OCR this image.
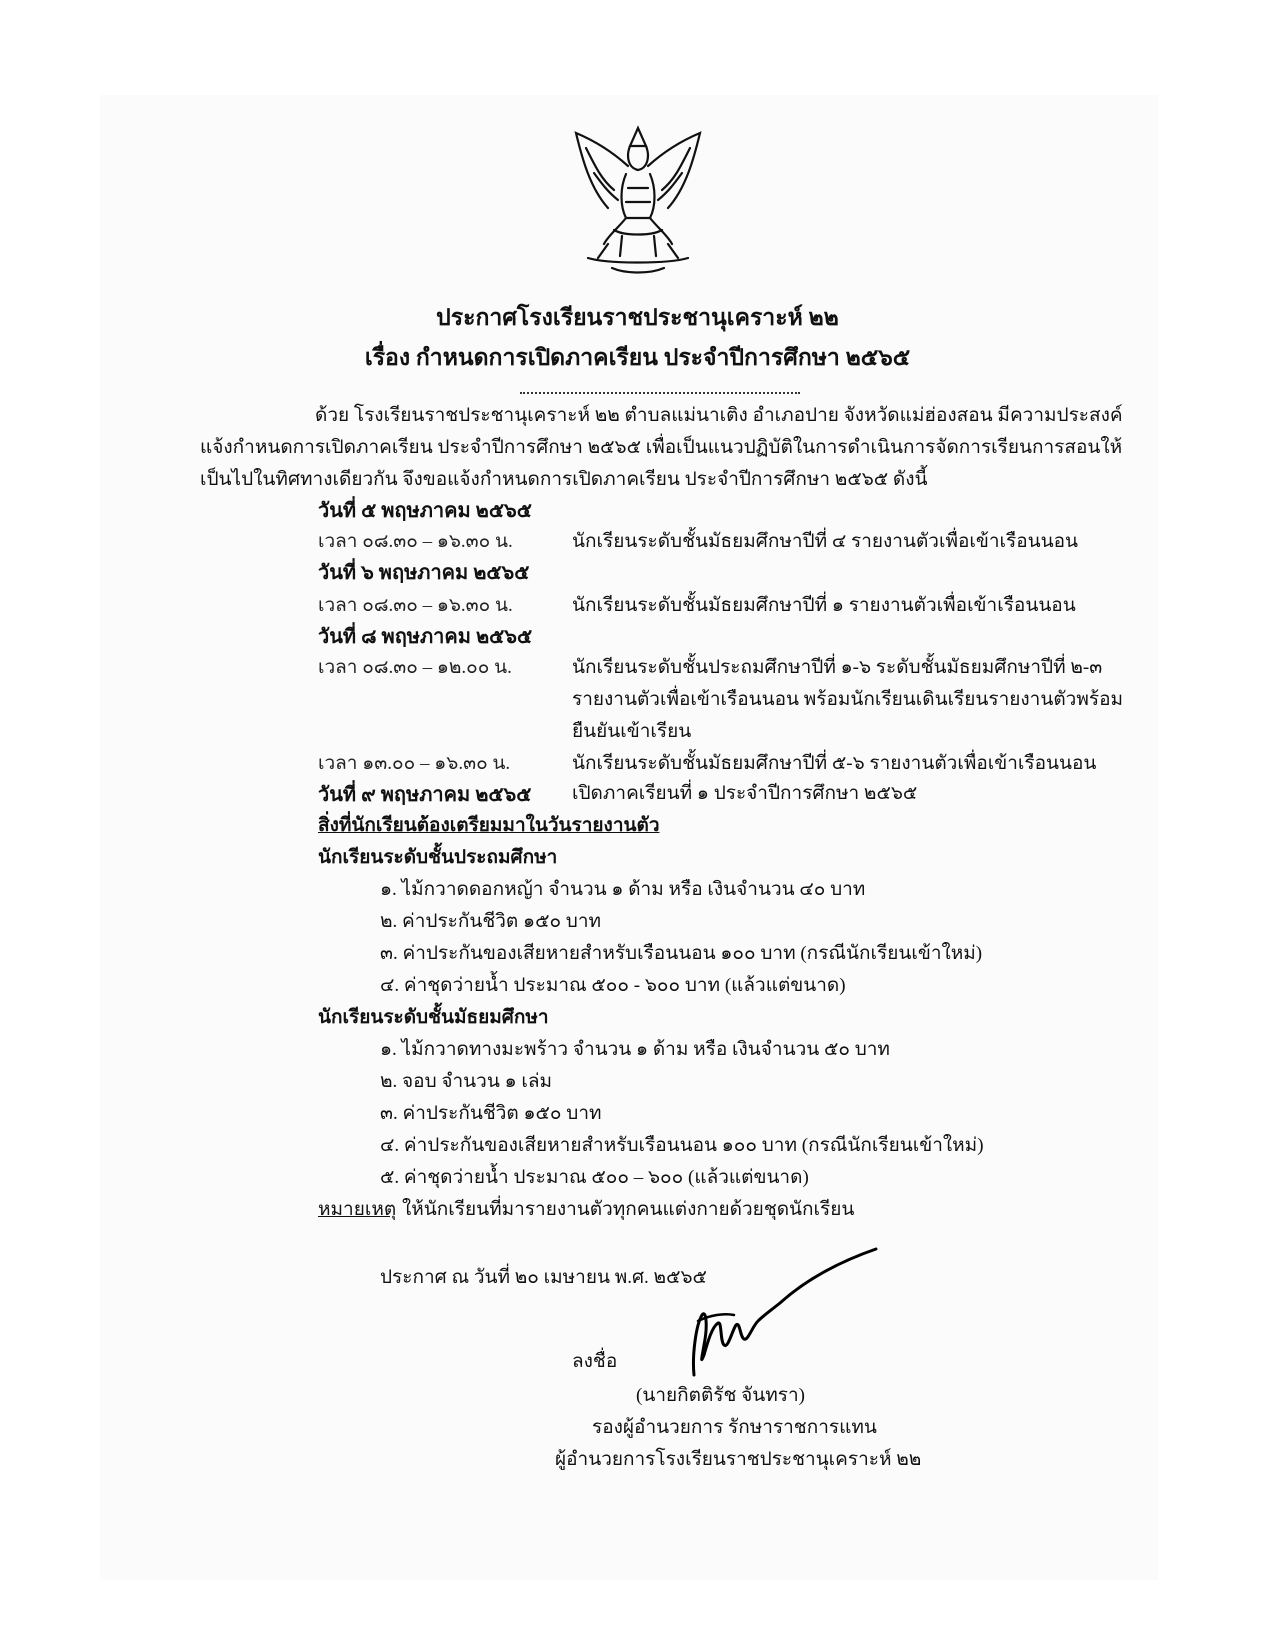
ประกาศโรงเรียนราชประชานุเคราะห์ ๒๒
เรื่อง กำหนดการเปิดภาคเรียน ประจำปีการศึกษา ๒๕๖๕
ด้วย โรงเรียนราชประชานุเคราะห์ ๒๒ ตำบลแม่นาเติง อำเภอปาย จังหวัดแม่ฮ่องสอน มีความประสงค์
แจ้งกำหนดการเปิดภาคเรียน ประจำปีการศึกษา ๒๕๖๕ เพื่อเป็นแนวปฏิบัติในการดำเนินการจัดการเรียนการสอนให้
เป็นไปในทิศทางเดียวกัน จึงขอแจ้งกำหนดการเปิดภาคเรียน ประจำปีการศึกษา ๒๕๖๕ ดังนี้
วันที่ ๕ พฤษภาคม ๒๕๖๕
เวลา ๐๘.๓๐ – ๑๖.๓๐ น.	นักเรียนระดับชั้นมัธยมศึกษาปีที่ ๔ รายงานตัวเพื่อเข้าเรือนนอน
วันที่ ๖ พฤษภาคม ๒๕๖๕
เวลา ๐๘.๓๐ – ๑๖.๓๐ น.	นักเรียนระดับชั้นมัธยมศึกษาปีที่ ๑ รายงานตัวเพื่อเข้าเรือนนอน
วันที่ ๘ พฤษภาคม ๒๕๖๕
เวลา ๐๘.๓๐ – ๑๒.๐๐ น.	นักเรียนระดับชั้นประถมศึกษาปีที่ ๑-๖ ระดับชั้นมัธยมศึกษาปีที่ ๒-๓
รายงานตัวเพื่อเข้าเรือนนอน พร้อมนักเรียนเดินเรียนรายงานตัวพร้อม
ยืนยันเข้าเรียน
เวลา ๑๓.๐๐ – ๑๖.๓๐ น.	นักเรียนระดับชั้นมัธยมศึกษาปีที่ ๕-๖ รายงานตัวเพื่อเข้าเรือนนอน
วันที่ ๙ พฤษภาคม ๒๕๖๕ เปิดภาคเรียนที่ ๑ ประจำปีการศึกษา ๒๕๖๕
สิ่งที่นักเรียนต้องเตรียมมาในวันรายงานตัว
นักเรียนระดับชั้นประถมศึกษา
๑. ไม้กวาดดอกหญ้า จำนวน ๑ ด้าม หรือ เงินจำนวน ๔๐ บาท
๒. ค่าประกันชีวิต ๑๕๐ บาท
๓. ค่าประกันของเสียหายสำหรับเรือนนอน ๑๐๐ บาท (กรณีนักเรียนเข้าใหม่)
๔. ค่าชุดว่ายน้ำ ประมาณ ๕๐๐ - ๖๐๐ บาท (แล้วแต่ขนาด)
นักเรียนระดับชั้นมัธยมศึกษา
๑. ไม้กวาดทางมะพร้าว จำนวน ๑ ด้าม หรือ เงินจำนวน ๕๐ บาท
๒. จอบ จำนวน ๑ เล่ม
๓. ค่าประกันชีวิต ๑๕๐ บาท
๔. ค่าประกันของเสียหายสำหรับเรือนนอน ๑๐๐ บาท (กรณีนักเรียนเข้าใหม่)
๕. ค่าชุดว่ายน้ำ ประมาณ ๕๐๐ – ๖๐๐ (แล้วแต่ขนาด)
หมายเหตุ ให้นักเรียนที่มารายงานตัวทุกคนแต่งกายด้วยชุดนักเรียน
ประกาศ ณ วันที่ ๒๐ เมษายน พ.ศ. ๒๕๖๕
ลงชื่อ
(นายกิตติรัช จันทรา)
รองผู้อำนวยการ รักษาราชการแทน
ผู้อำนวยการโรงเรียนราชประชานุเคราะห์ ๒๒
